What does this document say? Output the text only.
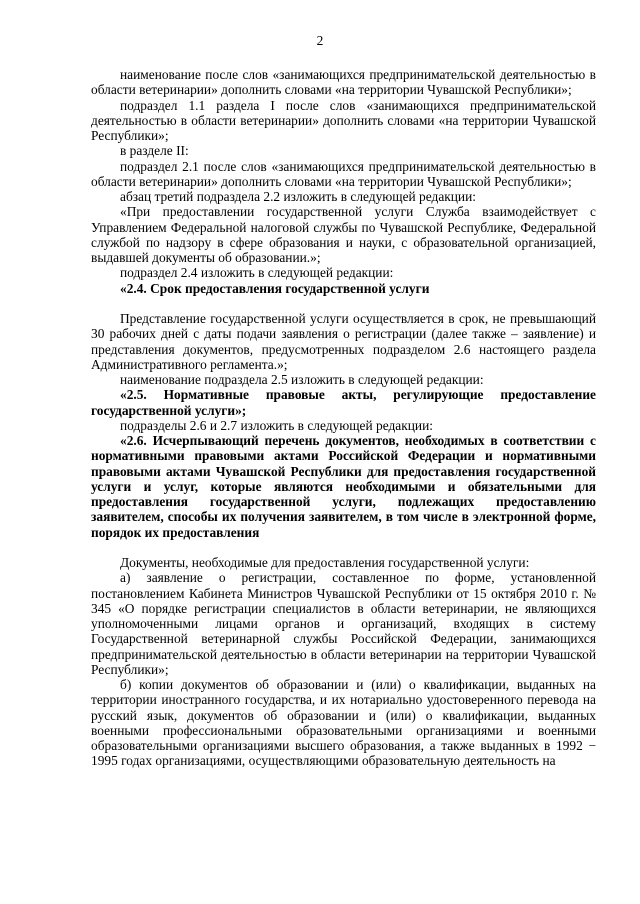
2

наименование после слов «занимающихся предпринимательской деятельностью в области ветеринарии» дополнить словами «на территории Чувашской Республики»;

подраздел 1.1 раздела I после слов «занимающихся предпринимательской деятельностью в области ветеринарии» дополнить словами «на территории Чувашской Республики»;

в разделе II:

подраздел 2.1 после слов «занимающихся предпринимательской деятельностью в области ветеринарии» дополнить словами «на территории Чувашской Республики»;

абзац третий подраздела 2.2 изложить в следующей редакции:

«При предоставлении государственной услуги Служба взаимодействует с Управлением Федеральной налоговой службы по Чувашской Республике, Федеральной службой по надзору в сфере образования и науки, с образовательной организацией, выдавшей документы об образовании.»;

подраздел 2.4 изложить в следующей редакции:

«2.4. Срок предоставления государственной услуги

Представление государственной услуги осуществляется в срок, не превышающий 30 рабочих дней с даты подачи заявления о регистрации (далее также – заявление) и представления документов, предусмотренных подразделом 2.6 настоящего раздела Административного регламента.»;

наименование подраздела 2.5 изложить в следующей редакции:

«2.5. Нормативные правовые акты, регулирующие предоставление государственной услуги»;

подразделы 2.6 и 2.7 изложить в следующей редакции:

«2.6. Исчерпывающий перечень документов, необходимых в соответствии с нормативными правовыми актами Российской Федерации и нормативными правовыми актами Чувашской Республики для предоставления государственной услуги и услуг, которые являются необходимыми и обязательными для предоставления государственной услуги, подлежащих предоставлению заявителем, способы их получения заявителем, в том числе в электронной форме, порядок их предоставления

Документы, необходимые для предоставления государственной услуги:

а) заявление о регистрации, составленное по форме, установленной постановлением Кабинета Министров Чувашской Республики от 15 октября 2010 г. № 345 «О порядке регистрации специалистов в области ветеринарии, не являющихся уполномоченными лицами органов и организаций, входящих в систему Государственной ветеринарной службы Российской Федерации, занимающихся предпринимательской деятельностью в области ветеринарии на территории Чувашской Республики»;

б) копии документов об образовании и (или) о квалификации, выданных на территории иностранного государства, и их нотариально удостоверенного перевода на русский язык, документов об образовании и (или) о квалификации, выданных военными профессиональными образовательными организациями и военными образовательными организациями высшего образования, а также выданных в 1992 − 1995 годах организациями, осуществляющими образовательную деятельность на
